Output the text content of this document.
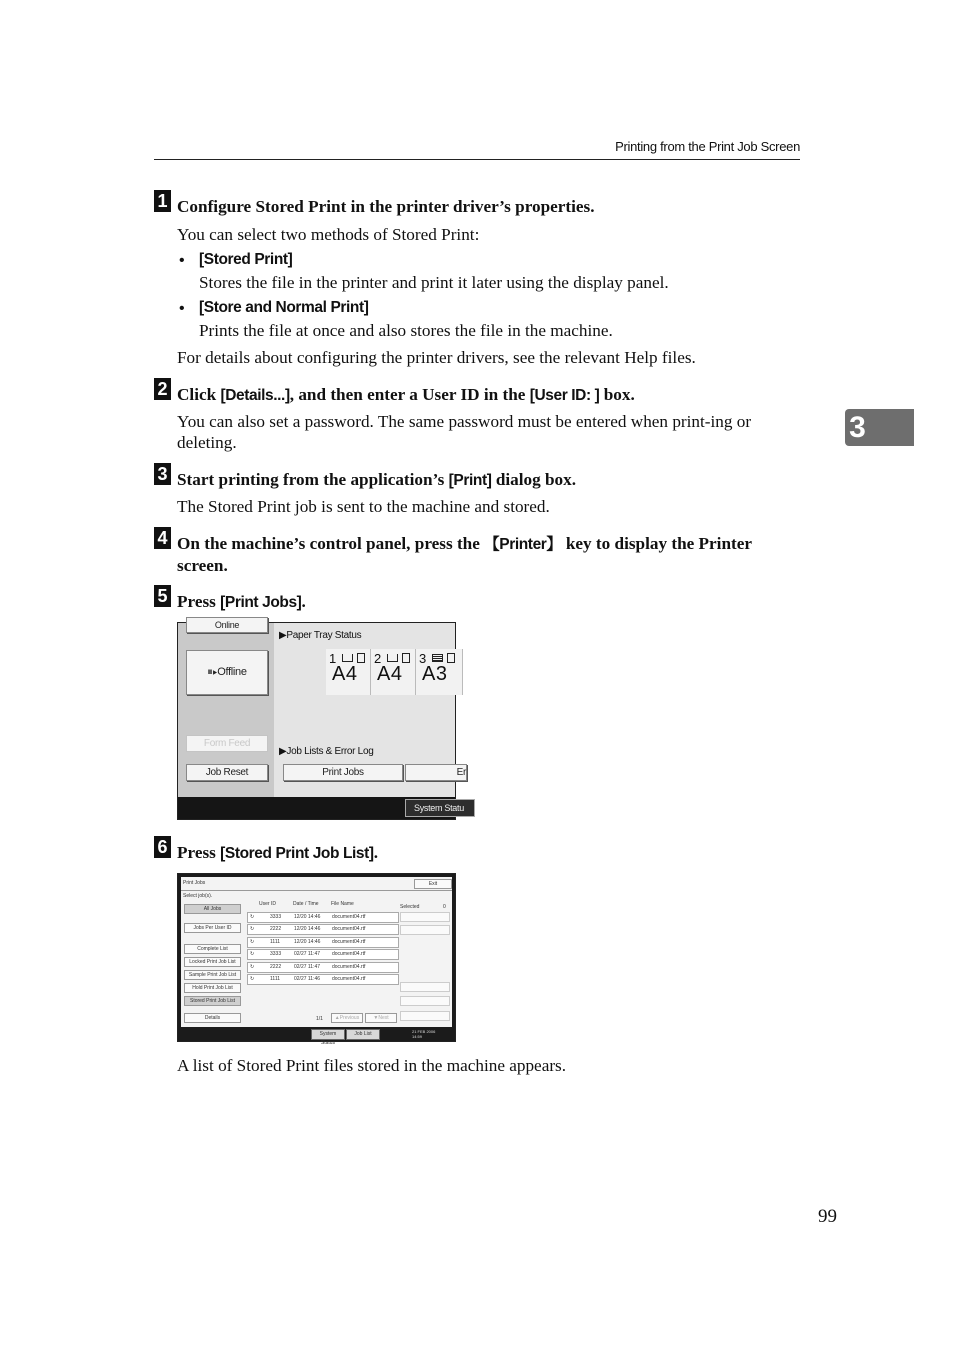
Printing from the Print Job Screen
3
1 Configure Stored Print in the printer driver’s properties.
You can select two methods of Stored Print:
• [Stored Print]
Stores the file in the printer and print it later using the display panel.
• [Store and Normal Print]
Prints the file at once and also stores the file in the machine.
For details about configuring the printer drivers, see the relevant Help files.
2 Click [Details...], and then enter a User ID in the [User ID: ] box.
You can also set a password. The same password must be entered when print-ing or deleting.
3 Start printing from the application’s [Print] dialog box.
The Stored Print job is sent to the machine and stored.
4 On the machine’s control panel, press the 【Printer】 key to display the Printer screen.
5 Press [Print Jobs].
Online
⏸▸Offline
Form Feed
Job Reset
▶Paper Tray Status
1
A4
2
A4
3
A3
▶Job Lists & Error Log
Print Jobs	Er
System Statu
6 Press [Stored Print Job List].
Print Jobs	Exit
Select job(s).
All Jobs
Jobs Per User ID
Complete List
Locked Print Job List
Sample Print Job List
Hold Print Job List
Stored Print Job List
Details
User ID	Date / Time File Name
↻	3333	12/20 14:46 document04.rtf
↻	2222	12/20 14:46 document04.rtf
↻	1111	12/20 14:46 document04.rtf
↻	3333	02/27 11:47 document04.rtf
↻	2222	02/27 11:47 document04.rtf
↻	1111	02/27 11:46 document04.rtf
Selected	0
1/1	▲Previous	▼Next
System Status
Job List	21 FEB 2006 14:59
A list of Stored Print files stored in the machine appears.
99
